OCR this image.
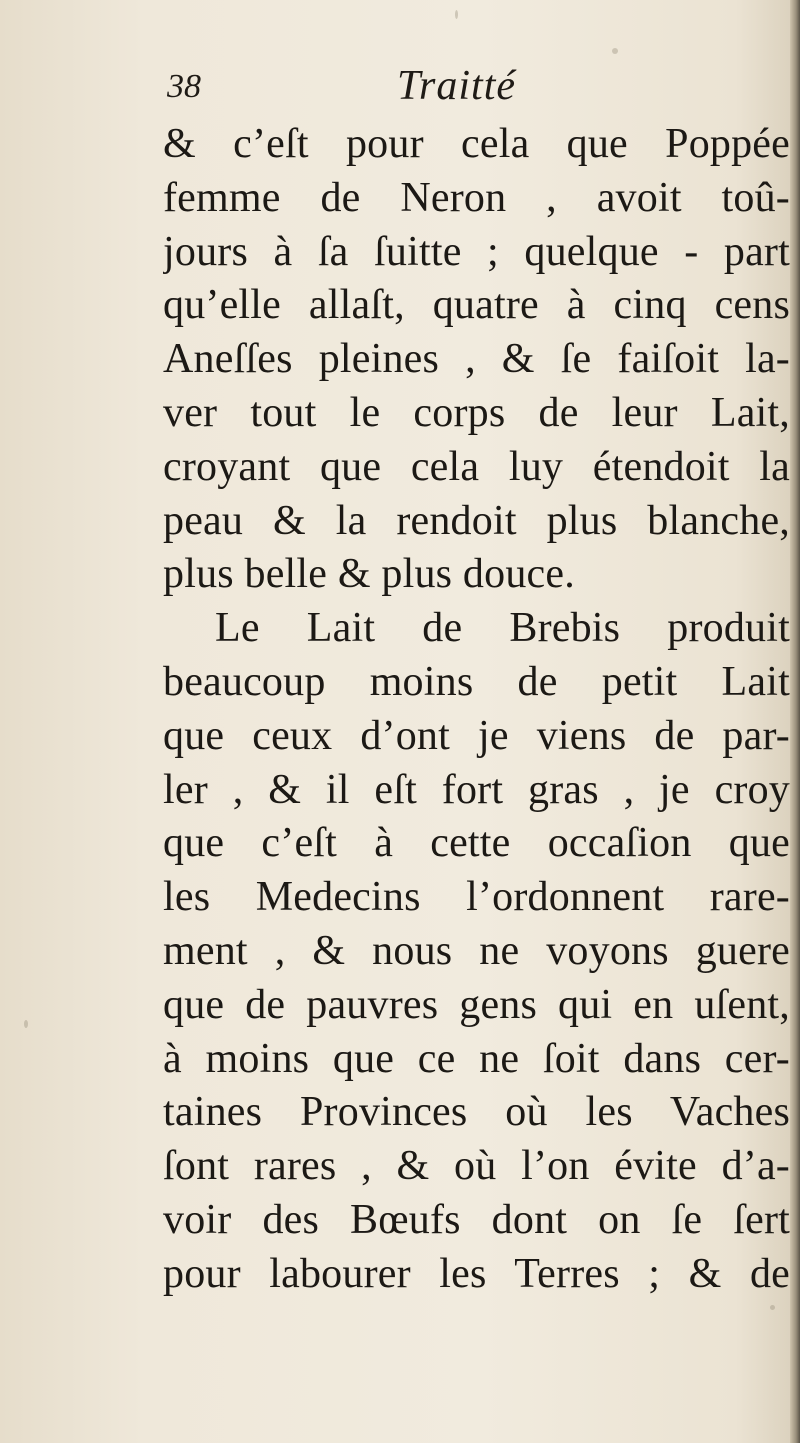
38	Traitté
& c’eſt pour cela que Poppée
femme de Neron , avoit toû-
jours à ſa ſuitte ; quelque - part
qu’elle allaſt, quatre à cinq cens
Aneſſes pleines , & ſe faiſoit la-
ver tout le corps de leur Lait,
croyant que cela luy étendoit la
peau & la rendoit plus blanche,
plus belle & plus douce.
Le Lait de Brebis produit
beaucoup moins de petit Lait
que ceux d’ont je viens de par-
ler , & il eſt fort gras , je croy
que c’eſt à cette occaſion que
les Medecins l’ordonnent rare-
ment , & nous ne voyons guere
que de pauvres gens qui en uſent,
à moins que ce ne ſoit dans cer-
taines Provinces où les Vaches
ſont rares , & où l’on évite d’a-
voir des Bœufs dont on ſe ſert
pour labourer les Terres ; & de
